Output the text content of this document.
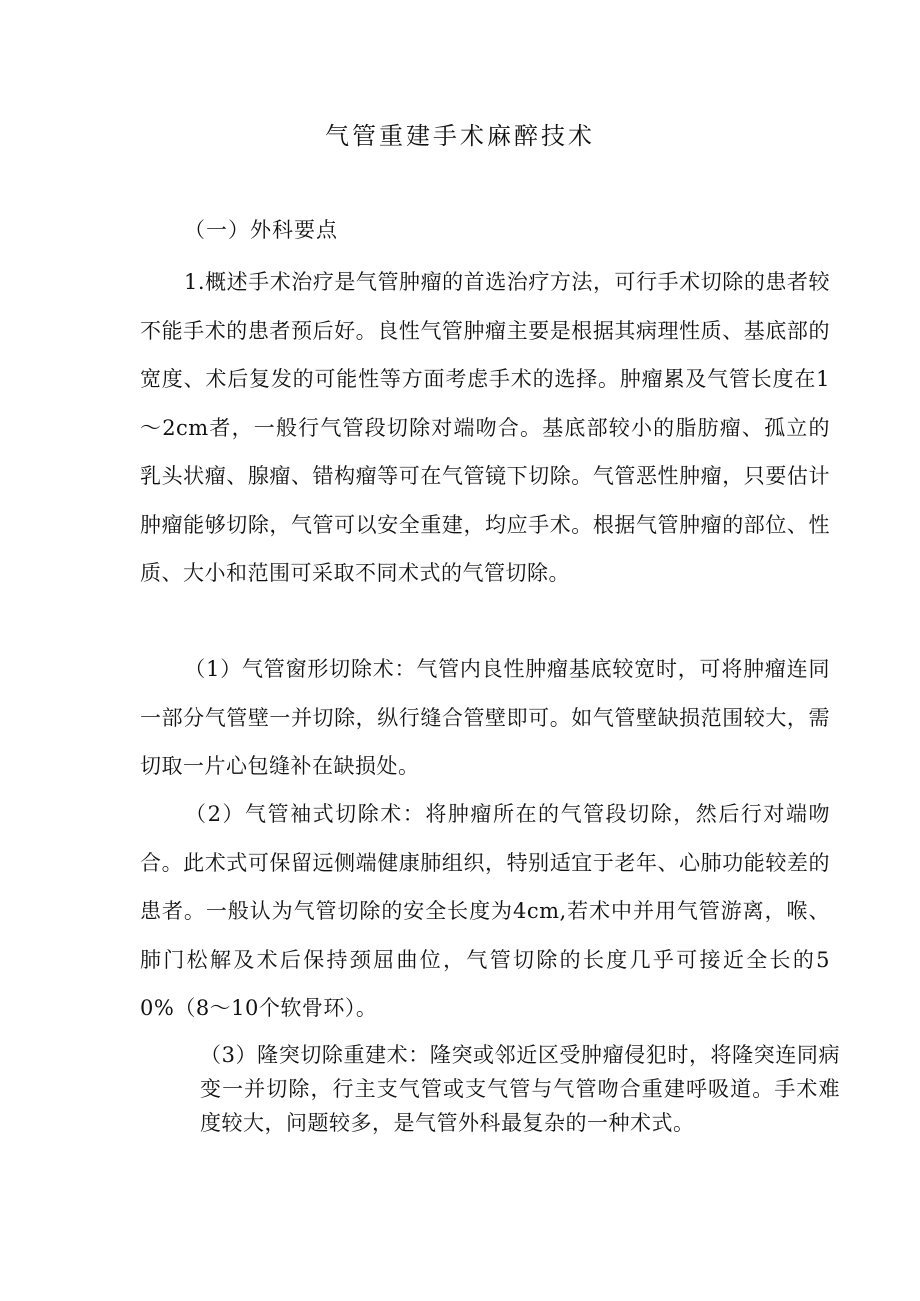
气管重建手术麻醉技术
（一）外科要点

1.概述手术治疗是气管肿瘤的首选治疗方法，可行手术切除的患者较不能手术的患者预后好。良性气管肿瘤主要是根据其病理性质、基底部的宽度、术后复发的可能性等方面考虑手术的选择。肿瘤累及气管长度在1～2cm者，一般行气管段切除对端吻合。基底部较小的脂肪瘤、孤立的乳头状瘤、腺瘤、错构瘤等可在气管镜下切除。气管恶性肿瘤，只要估计肿瘤能够切除，气管可以安全重建，均应手术。根据气管肿瘤的部位、性质、大小和范围可采取不同术式的气管切除。

（1）气管窗形切除术：气管内良性肿瘤基底较宽时，可将肿瘤连同一部分气管壁一并切除，纵行缝合管壁即可。如气管壁缺损范围较大，需切取一片心包缝补在缺损处。

（2）气管袖式切除术：将肿瘤所在的气管段切除，然后行对端吻合。此术式可保留远侧端健康肺组织，特别适宜于老年、心肺功能较差的患者。一般认为气管切除的安全长度为4cm,若术中并用气管游离，喉、肺门松解及术后保持颈屈曲位，气管切除的长度几乎可接近全长的50%（8～10个软骨环）。

（3）隆突切除重建术：隆突或邻近区受肿瘤侵犯时，将隆突连同病变一并切除，行主支气管或支气管与气管吻合重建呼吸道。手术难度较大，问题较多，是气管外科最复杂的一种术式。
